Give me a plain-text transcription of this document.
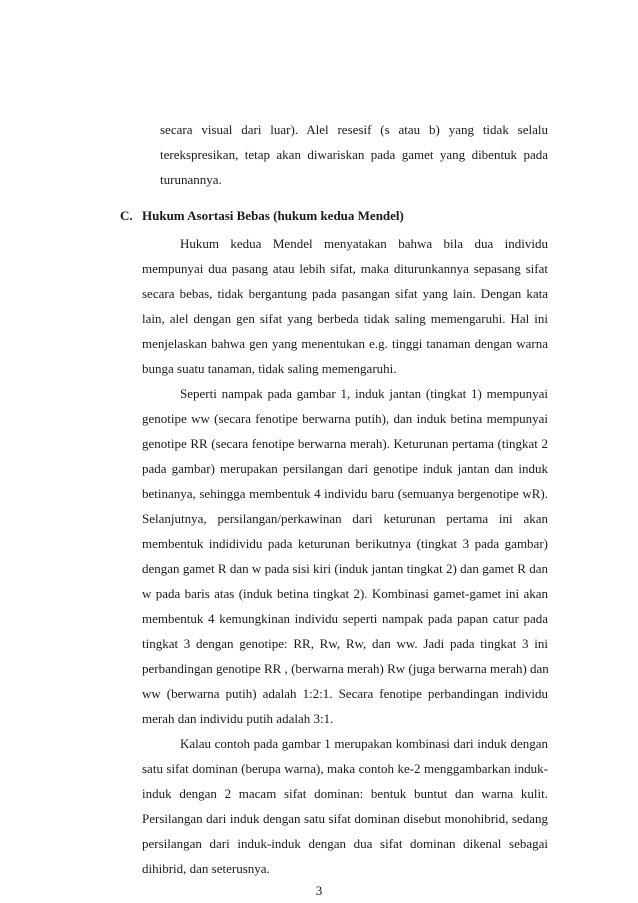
secara visual dari luar). Alel resesif (s atau b) yang tidak selalu
terekspresikan, tetap akan diwariskan pada gamet yang dibentuk pada
turunannya.
C. Hukum Asortasi Bebas (hukum kedua Mendel)
Hukum kedua Mendel menyatakan bahwa bila dua individu
mempunyai dua pasang atau lebih sifat, maka diturunkannya sepasang sifat
secara bebas, tidak bergantung pada pasangan sifat yang lain. Dengan kata
lain, alel dengan gen sifat yang berbeda tidak saling memengaruhi. Hal ini
menjelaskan bahwa gen yang menentukan e.g. tinggi tanaman dengan warna
bunga suatu tanaman, tidak saling memengaruhi.
Seperti nampak pada gambar 1, induk jantan (tingkat 1) mempunyai
genotipe ww (secara fenotipe berwarna putih), dan induk betina mempunyai
genotipe RR (secara fenotipe berwarna merah). Keturunan pertama (tingkat 2
pada gambar) merupakan persilangan dari genotipe induk jantan dan induk
betinanya, sehingga membentuk 4 individu baru (semuanya bergenotipe wR).
Selanjutnya, persilangan/perkawinan dari keturunan pertama ini akan
membentuk indidividu pada keturunan berikutnya (tingkat 3 pada gambar)
dengan gamet R dan w pada sisi kiri (induk jantan tingkat 2) dan gamet R dan
w pada baris atas (induk betina tingkat 2). Kombinasi gamet-gamet ini akan
membentuk 4 kemungkinan individu seperti nampak pada papan catur pada
tingkat 3 dengan genotipe: RR, Rw, Rw, dan ww. Jadi pada tingkat 3 ini
perbandingan genotipe RR , (berwarna merah) Rw (juga berwarna merah) dan
ww (berwarna putih) adalah 1:2:1. Secara fenotipe perbandingan individu
merah dan individu putih adalah 3:1.
Kalau contoh pada gambar 1 merupakan kombinasi dari induk dengan
satu sifat dominan (berupa warna), maka contoh ke-2 menggambarkan induk-
induk dengan 2 macam sifat dominan: bentuk buntut dan warna kulit.
Persilangan dari induk dengan satu sifat dominan disebut monohibrid, sedang
persilangan dari induk-induk dengan dua sifat dominan dikenal sebagai
dihibrid, dan seterusnya.
3
